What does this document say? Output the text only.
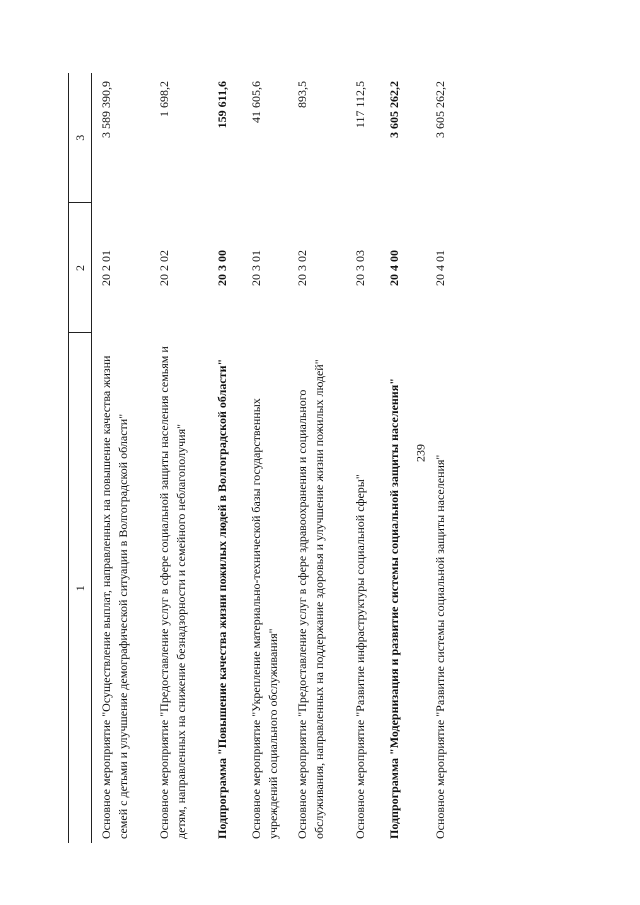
239
1	2	3
Основное мероприятие "Осуществление выплат, направленных на повышение качества жизни семей с детьми и улучшение демографической ситуации в Волгоградской области"	20 2 01	3 589 390,9
Основное мероприятие "Предоставление услуг в сфере социальной защиты населения семьям и детям, направленных на снижение безнадзорности и семейного неблагополучия"	20 2 02	1 698,2
Подпрограмма "Повышение качества жизни пожилых людей в Волгоградской области"	20 3 00	159 611,6
Основное мероприятие "Укрепление материально-технической базы государственных учреждений социального обслуживания"	20 3 01	41 605,6
Основное мероприятие "Предоставление услуг в сфере здравоохранения и социального обслуживания, направленных на поддержание здоровья и улучшение жизни пожилых людей"	20 3 02	893,5
Основное мероприятие "Развитие инфраструктуры социальной сферы"	20 3 03	117 112,5
Подпрограмма "Модернизация и развитие системы социальной защиты населения"	20 4 00	3 605 262,2
Основное мероприятие "Развитие системы социальной защиты населения"	20 4 01	3 605 262,2
